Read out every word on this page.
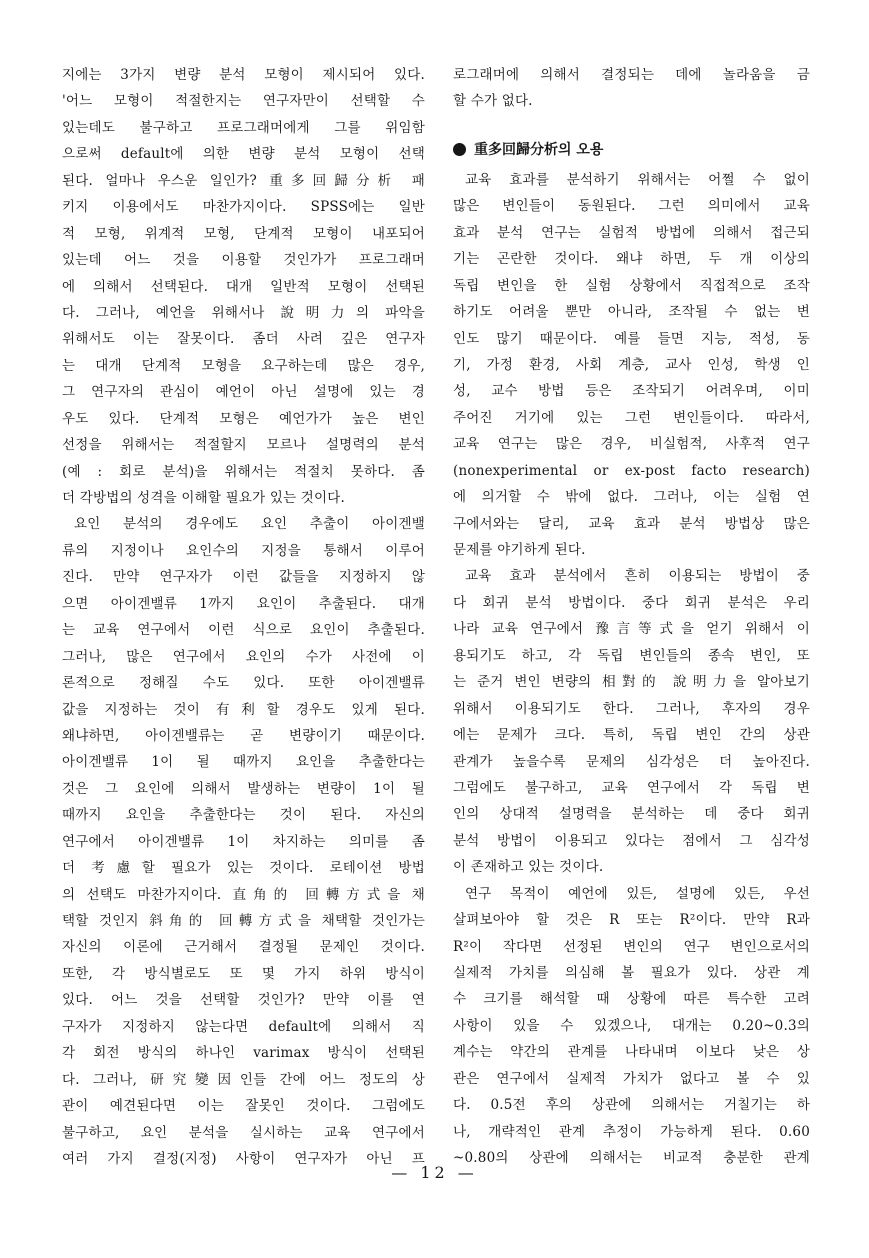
지에는 3가지 변량 분석 모형이 제시되어 있다.
'어느 모형이 적절한지는 연구자만이 선택할 수
있는데도 불구하고 프로그래머에게 그를 위임함
으로써 default에 의한 변량 분석 모형이 선택
된다. 얼마나 우스운 일인가? 重多回歸分析 패
키지 이용에서도 마찬가지이다. SPSS에는 일반
적 모형, 위계적 모형, 단계적 모형이 내포되어
있는데 어느 것을 이용할 것인가가 프로그래머
에 의해서 선택된다. 대개 일반적 모형이 선택된
다. 그러나, 예언을 위해서나 說明力의 파악을
위해서도 이는 잘못이다. 좀더 사려 깊은 연구자
는 대개 단계적 모형을 요구하는데 많은 경우,
그 연구자의 관심이 예언이 아닌 설명에 있는 경
우도 있다. 단계적 모형은 예언가가 높은 변인
선정을 위해서는 적절할지 모르나 설명력의 분석
(예 : 회로 분석)을 위해서는 적절치 못하다. 좀
더 각방법의 성격을 이해할 필요가 있는 것이다.
요인 분석의 경우에도 요인 추출이 아이겐밸
류의 지정이나 요인수의 지정을 통해서 이루어
진다. 만약 연구자가 이런 값들을 지정하지 않
으면 아이겐밸류 1까지 요인이 추출된다. 대개
는 교육 연구에서 이런 식으로 요인이 추출된다.
그러나, 많은 연구에서 요인의 수가 사전에 이
론적으로 정해질 수도 있다. 또한 아이겐밸류
값을 지정하는 것이 有利할 경우도 있게 된다.
왜냐하면, 아이겐밸류는 곧 변량이기 때문이다.
아이겐밸류 1이 될 때까지 요인을 추출한다는
것은 그 요인에 의해서 발생하는 변량이 1이 될
때까지 요인을 추출한다는 것이 된다. 자신의
연구에서 아이겐밸류 1이 차지하는 의미를 좀
더 考慮할 필요가 있는 것이다. 로테이션 방법
의 선택도 마찬가지이다. 直角的 回轉方式을 채
택할 것인지 斜角的 回轉方式을 채택할 것인가는
자신의 이론에 근거해서 결정될 문제인 것이다.
또한, 각 방식별로도 또 몇 가지 하위 방식이
있다. 어느 것을 선택할 것인가? 만약 이를 연
구자가 지정하지 않는다면 default에 의해서 직
각 회전 방식의 하나인 varimax 방식이 선택된
다. 그러나, 研究變因인들 간에 어느 정도의 상
관이 예견된다면 이는 잘못인 것이다. 그럼에도
불구하고, 요인 분석을 실시하는 교육 연구에서
여러 가지 결정(지정) 사항이 연구자가 아닌 프
로그래머에 의해서 결정되는 데에 놀라움을 금
할 수가 없다.
重多回歸分析의 오용
교육 효과를 분석하기 위해서는 어쩔 수 없이
많은 변인들이 동원된다. 그런 의미에서 교육
효과 분석 연구는 실험적 방법에 의해서 접근되
기는 곤란한 것이다. 왜냐 하면, 두 개 이상의
독립 변인을 한 실험 상황에서 직접적으로 조작
하기도 어려울 뿐만 아니라, 조작될 수 없는 변
인도 많기 때문이다. 예를 들면 지능, 적성, 동
기, 가정 환경, 사회 계층, 교사 인성, 학생 인
성, 교수 방법 등은 조작되기 어려우며, 이미
주어진 거기에 있는 그런 변인들이다. 따라서,
교육 연구는 많은 경우, 비실험적, 사후적 연구
(nonexperimental or ex-post facto research)
에 의거할 수 밖에 없다. 그러나, 이는 실험 연
구에서와는 달리, 교육 효과 분석 방법상 많은
문제를 야기하게 된다.
교육 효과 분석에서 흔히 이용되는 방법이 중
다 회귀 분석 방법이다. 중다 회귀 분석은 우리
나라 교육 연구에서 豫言等式을 얻기 위해서 이
용되기도 하고, 각 독립 변인들의 종속 변인, 또
는 준거 변인 변량의 相對的 說明力을 알아보기
위해서 이용되기도 한다. 그러나, 후자의 경우
에는 문제가 크다. 특히, 독립 변인 간의 상관
관계가 높을수록 문제의 심각성은 더 높아진다.
그럼에도 불구하고, 교육 연구에서 각 독립 변
인의 상대적 설명력을 분석하는 데 중다 회귀
분석 방법이 이용되고 있다는 점에서 그 심각성
이 존재하고 있는 것이다.
연구 목적이 예언에 있든, 설명에 있든, 우선
살펴보아야 할 것은 R 또는 R²이다. 만약 R과
R²이 작다면 선정된 변인의 연구 변인으로서의
실제적 가치를 의심해 볼 필요가 있다. 상관 계
수 크기를 해석할 때 상황에 따른 특수한 고려
사항이 있을 수 있겠으나, 대개는 0.20~0.3의
계수는 약간의 관계를 나타내며 이보다 낮은 상
관은 연구에서 실제적 가치가 없다고 볼 수 있
다. 0.5전 후의 상관에 의해서는 거칠기는 하
나, 개략적인 관계 추정이 가능하게 된다. 0.60
~0.80의 상관에 의해서는 비교적 충분한 관계
— 12 —
